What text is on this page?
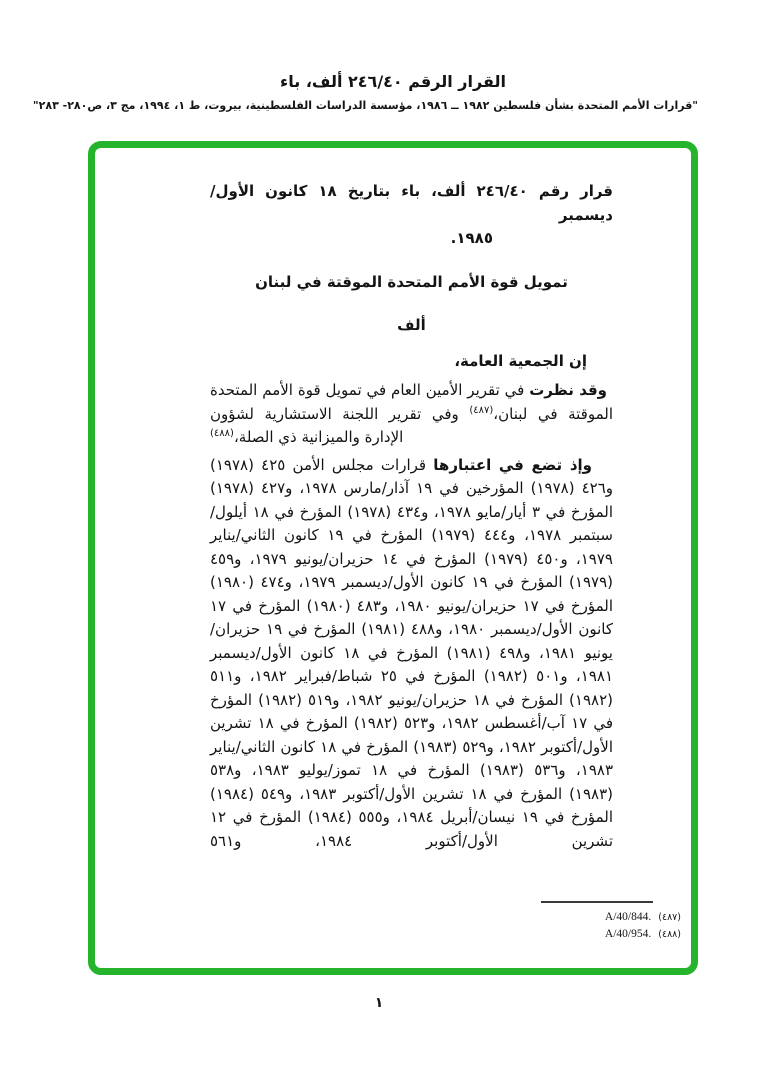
القرار الرقم ٢٤٦/٤٠ ألف، باء
"قرارات الأمم المتحدة بشأن فلسطين ١٩٨٢ ــ ١٩٨٦، مؤسسة الدراسات الفلسطينية، بيروت، ط ١، ١٩٩٤، مج ٣، ص٢٨٠- ٢٨٣"
قرار رقم ٢٤٦/٤٠ ألف، باء بتاريخ ١٨ كانون الأول/ديسمبر
١٩٨٥.
تمويل قوة الأمم المتحدة الموقتة في لبنان
ألف

إن الجمعية العامة،

وقد نظرت في تقرير الأمين العام في تمويل قوة الأمم المتحدة الموقتة في لبنان،$^{(٤٨٧)}$ وفي تقرير اللجنة الاستشارية لشؤون الإدارة والميزانية ذي الصلة،$^{(٤٨٨)}$

وإذ تضع في اعتبارها قرارات مجلس الأمن ٤٢٥ (١٩٧٨) و٤٢٦ (١٩٧٨) المؤرخين في ١٩ آذار/مارس ١٩٧٨، و٤٢٧ (١٩٧٨) المؤرخ في ٣ أيار/مايو ١٩٧٨، و٤٣٤ (١٩٧٨) المؤرخ في ١٨ أيلول/سبتمبر ١٩٧٨، و٤٤٤ (١٩٧٩) المؤرخ في ١٩ كانون الثاني/يناير ١٩٧٩، و٤٥٠ (١٩٧٩) المؤرخ في ١٤ حزيران/يونيو ١٩٧٩، و٤٥٩ (١٩٧٩) المؤرخ في ١٩ كانون الأول/ديسمبر ١٩٧٩، و٤٧٤ (١٩٨٠) المؤرخ في ١٧ حزيران/يونيو ١٩٨٠، و٤٨٣ (١٩٨٠) المؤرخ في ١٧ كانون الأول/ديسمبر ١٩٨٠، و٤٨٨ (١٩٨١) المؤرخ في ١٩ حزيران/يونيو ١٩٨١، و٤٩٨ (١٩٨١) المؤرخ في ١٨ كانون الأول/ديسمبر ١٩٨١، و٥٠١ (١٩٨٢) المؤرخ في ٢٥ شباط/فبراير ١٩٨٢، و٥١١ (١٩٨٢) المؤرخ في ١٨ حزيران/يونيو ١٩٨٢، و٥١٩ (١٩٨٢) المؤرخ في ١٧ آب/أغسطس ١٩٨٢، و٥٢٣ (١٩٨٢) المؤرخ في ١٨ تشرين الأول/أكتوبر ١٩٨٢، و٥٢٩ (١٩٨٣) المؤرخ في ١٨ كانون الثاني/يناير ١٩٨٣، و٥٣٦ (١٩٨٣) المؤرخ في ١٨ تموز/يوليو ١٩٨٣، و٥٣٨ (١٩٨٣) المؤرخ في ١٨ تشرين الأول/أكتوبر ١٩٨٣، و٥٤٩ (١٩٨٤) المؤرخ في ١٩ نيسان/أبريل ١٩٨٤، و٥٥٥ (١٩٨٤) المؤرخ في ١٢ تشرين الأول/أكتوبر ١٩٨٤، و٥٦١

(٤٨٧)A/40/844.
(٤٨٨)A/40/954.
١
